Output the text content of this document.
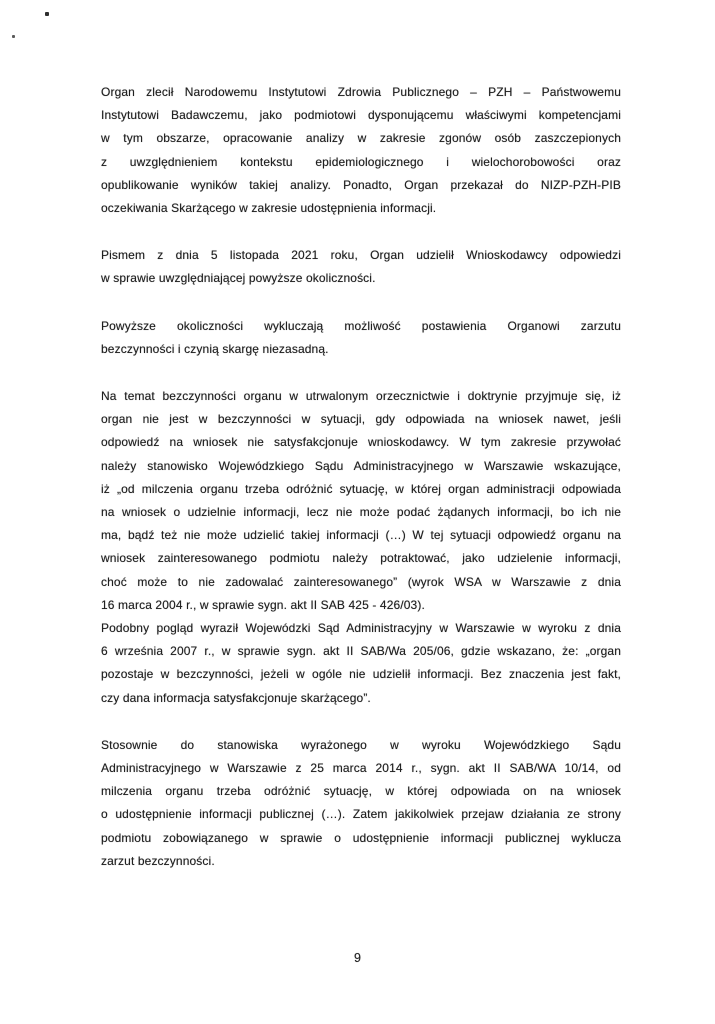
Organ zlecił Narodowemu Instytutowi Zdrowia Publicznego – PZH – Państwowemu
Instytutowi Badawczemu, jako podmiotowi dysponującemu właściwymi kompetencjami
w tym obszarze, opracowanie analizy w zakresie zgonów osób zaszczepionych
z uwzględnieniem kontekstu epidemiologicznego i wielochorobowości oraz
opublikowanie wyników takiej analizy. Ponadto, Organ przekazał do NIZP-PZH-PIB
oczekiwania Skarżącego w zakresie udostępnienia informacji.
Pismem z dnia 5 listopada 2021 roku, Organ udzielił Wnioskodawcy odpowiedzi
w sprawie uwzględniającej powyższe okoliczności.
Powyższe okoliczności wykluczają możliwość postawienia Organowi zarzutu
bezczynności i czynią skargę niezasadną.
Na temat bezczynności organu w utrwalonym orzecznictwie i doktrynie przyjmuje się, iż
organ nie jest w bezczynności w sytuacji, gdy odpowiada na wniosek nawet, jeśli
odpowiedź na wniosek nie satysfakcjonuje wnioskodawcy. W tym zakresie przywołać
należy stanowisko Wojewódzkiego Sądu Administracyjnego w Warszawie wskazujące,
iż „od milczenia organu trzeba odróżnić sytuację, w której organ administracji odpowiada
na wniosek o udzielnie informacji, lecz nie może podać żądanych informacji, bo ich nie
ma, bądź też nie może udzielić takiej informacji (…) W tej sytuacji odpowiedź organu na
wniosek zainteresowanego podmiotu należy potraktować, jako udzielenie informacji,
choć może to nie zadowalać zainteresowanego” (wyrok WSA w Warszawie z dnia
16 marca 2004 r., w sprawie sygn. akt II SAB 425 - 426/03).
Podobny pogląd wyraził Wojewódzki Sąd Administracyjny w Warszawie w wyroku z dnia
6 września 2007 r., w sprawie sygn. akt II SAB/Wa 205/06, gdzie wskazano, że: „organ
pozostaje w bezczynności, jeżeli w ogóle nie udzielił informacji. Bez znaczenia jest fakt,
czy dana informacja satysfakcjonuje skarżącego”.
Stosownie do stanowiska wyrażonego w wyroku Wojewódzkiego Sądu
Administracyjnego w Warszawie z 25 marca 2014 r., sygn. akt II SAB/WA 10/14, od
milczenia organu trzeba odróżnić sytuację, w której odpowiada on na wniosek
o udostępnienie informacji publicznej (…). Zatem jakikolwiek przejaw działania ze strony
podmiotu zobowiązanego w sprawie o udostępnienie informacji publicznej wyklucza
zarzut bezczynności.
9
